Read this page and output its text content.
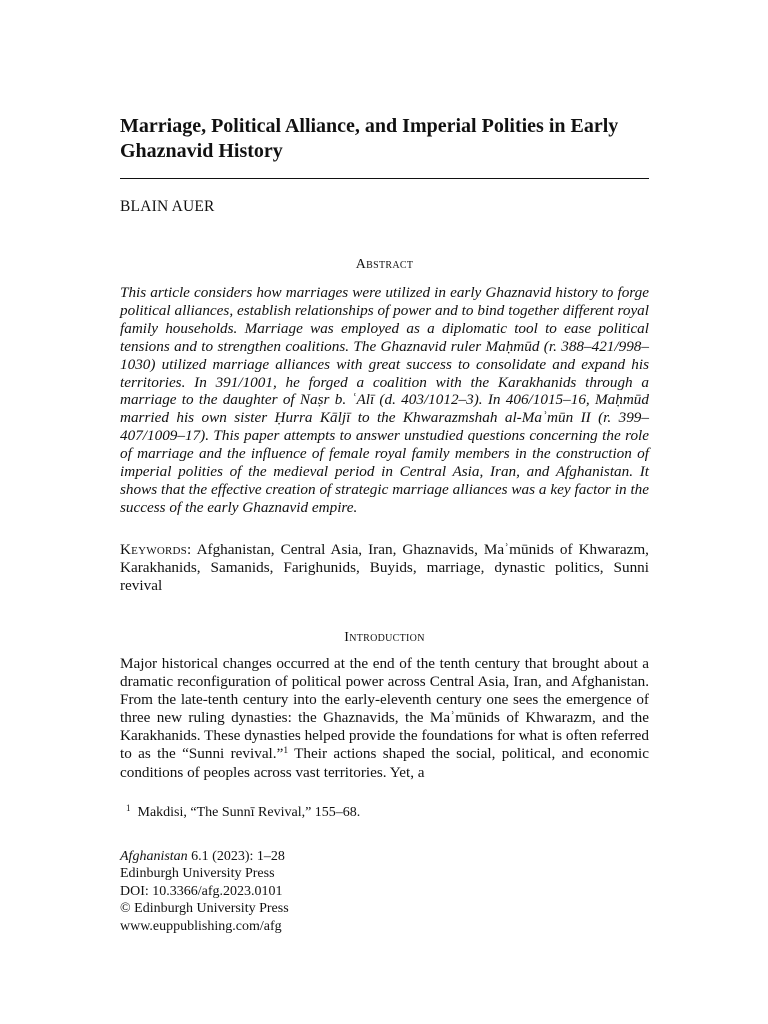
Marriage, Political Alliance, and Imperial Polities in Early Ghaznavid History
BLAIN AUER
Abstract

This article considers how marriages were utilized in early Ghaznavid history to forge political alliances, establish relationships of power and to bind together different royal family households. Marriage was employed as a diplomatic tool to ease political tensions and to strengthen coalitions. The Ghaznavid ruler Maḥmūd (r. 388–421/998–1030) utilized marriage alliances with great success to consolidate and expand his territories. In 391/1001, he forged a coalition with the Karakhanids through a marriage to the daughter of Naṣr b. ʿAlī (d. 403/1012–3). In 406/1015–16, Maḥmūd married his own sister Ḥurra Kāljī to the Khwarazmshah al-Maʾmūn II (r. 399–407/1009–17). This paper attempts to answer unstudied questions concerning the role of marriage and the influence of female royal family members in the construction of imperial polities of the medieval period in Central Asia, Iran, and Afghanistan. It shows that the effective creation of strategic marriage alliances was a key factor in the success of the early Ghaznavid empire.

Keywords: Afghanistan, Central Asia, Iran, Ghaznavids, Maʾmūnids of Khwarazm, Karakhanids, Samanids, Farighunids, Buyids, marriage, dynastic politics, Sunni revival

Introduction

Major historical changes occurred at the end of the tenth century that brought about a dramatic reconfiguration of political power across Central Asia, Iran, and Afghanistan. From the late-tenth century into the early-eleventh century one sees the emergence of three new ruling dynasties: the Ghaznavids, the Maʾmūnids of Khwarazm, and the Karakhanids. These dynasties helped provide the foundations for what is often referred to as the “Sunni revival.”$^1$ Their actions shaped the social, political, and economic conditions of peoples across vast territories. Yet, a

$^1$ Makdisi, “The Sunnī Revival,” 155–68.
Afghanistan 6.1 (2023): 1–28
Edinburgh University Press
DOI: 10.3366/afg.2023.0101
© Edinburgh University Press
www.euppublishing.com/afg
